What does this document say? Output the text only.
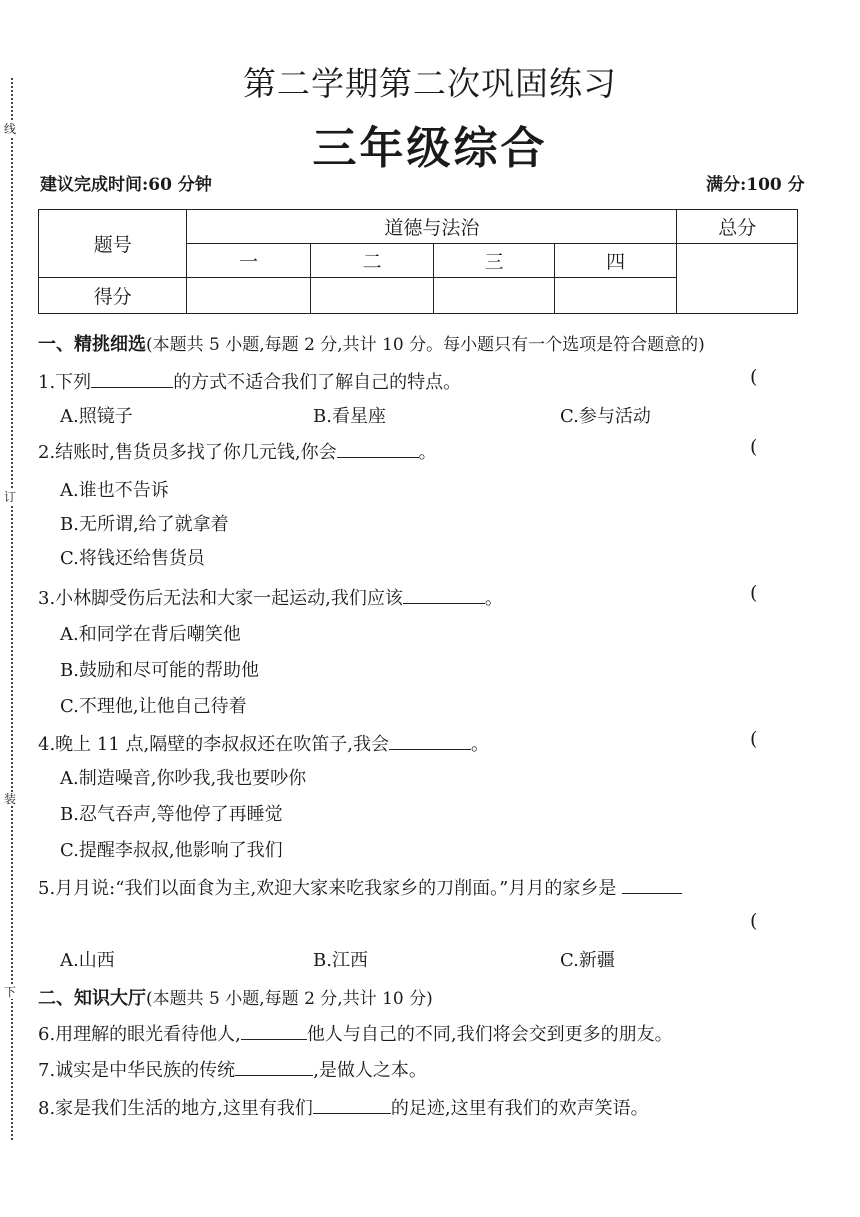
线
订
装
下
第二学期第二次巩固练习
三年级综合
建议完成时间:60 分钟	满分:100 分
题号	道德与法治				总分
	一	二	三	四	
得分					
一、精挑细选(本题共 5 小题,每题 2 分,共计 10 分。每小题只有一个选项是符合题意的)
1.下列	的方式不适合我们了解自己的特点。	(
A.照镜子	B.看星座	C.参与活动
2.结账时,售货员多找了你几元钱,你会	。	(
A.谁也不告诉
B.无所谓,给了就拿着
C.将钱还给售货员
3.小林脚受伤后无法和大家一起运动,我们应该	。	(
A.和同学在背后嘲笑他
B.鼓励和尽可能的帮助他
C.不理他,让他自己待着
4.晚上 11 点,隔壁的李叔叔还在吹笛子,我会	。	(
A.制造噪音,你吵我,我也要吵你
B.忍气吞声,等他停了再睡觉
C.提醒李叔叔,他影响了我们
5.月月说:“我们以面食为主,欢迎大家来吃我家乡的刀削面。”月月的家乡是
(
A.山西	B.江西	C.新疆
二、知识大厅(本题共 5 小题,每题 2 分,共计 10 分)
6.用理解的眼光看待他人,	他人与自己的不同,我们将会交到更多的朋友。
7.诚实是中华民族的传统	,是做人之本。
8.家是我们生活的地方,这里有我们	的足迹,这里有我们的欢声笑语。
